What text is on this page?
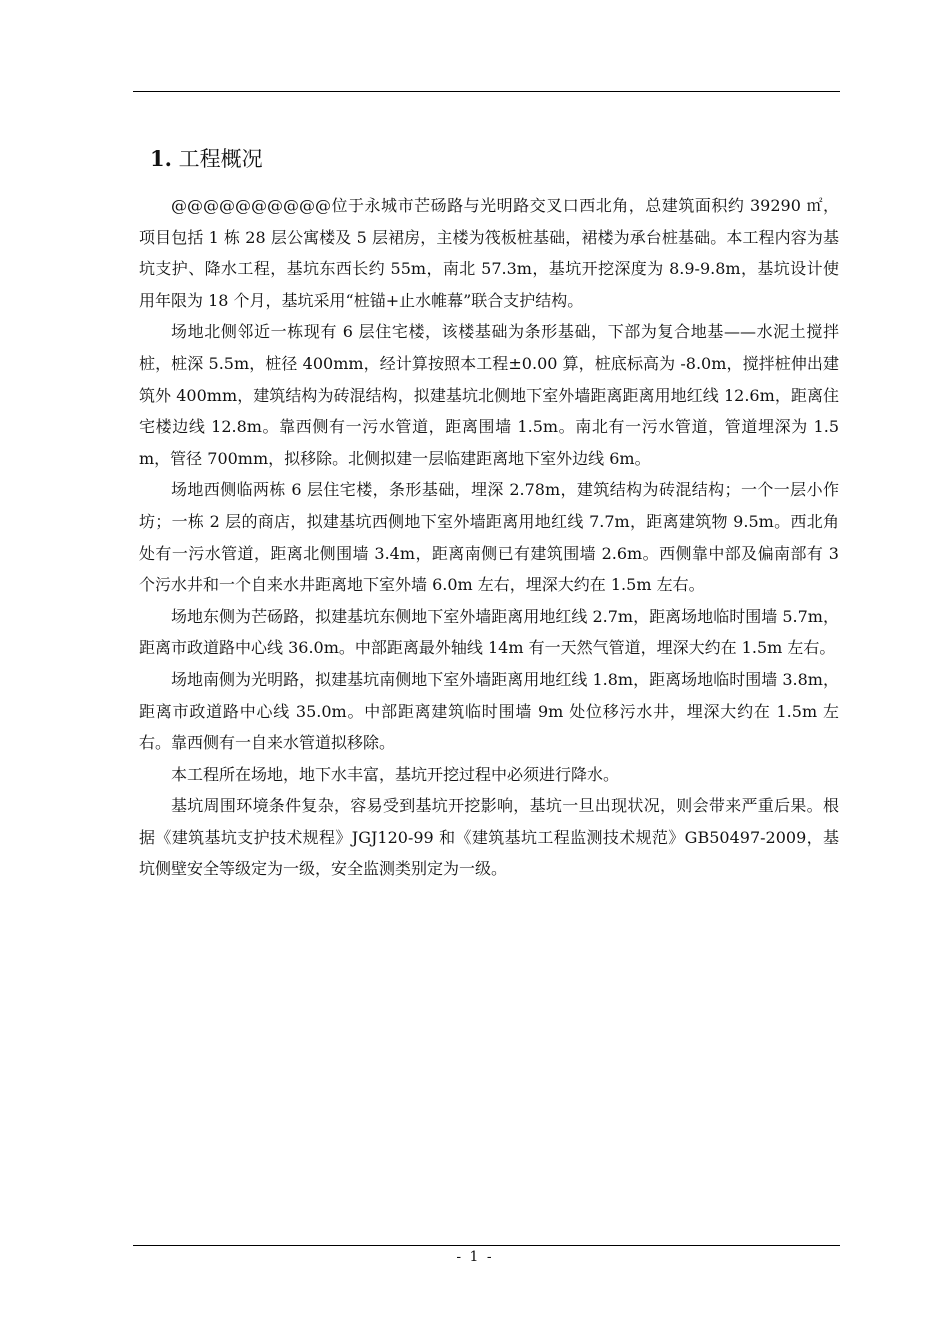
1. 工程概况

@@@@@@@@@@位于永城市芒砀路与光明路交叉口西北角，总建筑面积约 39290 ㎡，项目包括 1 栋 28 层公寓楼及 5 层裙房，主楼为筏板桩基础，裙楼为承台桩基础。本工程内容为基坑支护、降水工程，基坑东西长约 55m，南北 57.3m，基坑开挖深度为 8.9-9.8m，基坑设计使用年限为 18 个月，基坑采用“桩锚+止水帷幕”联合支护结构。

场地北侧邻近一栋现有 6 层住宅楼，该楼基础为条形基础，下部为复合地基——水泥土搅拌桩，桩深 5.5m，桩径 400mm，经计算按照本工程±0.00 算，桩底标高为 -8.0m，搅拌桩伸出建筑外 400mm，建筑结构为砖混结构，拟建基坑北侧地下室外墙距离距离用地红线 12.6m，距离住宅楼边线 12.8m。靠西侧有一污水管道，距离围墙 1.5m。南北有一污水管道，管道埋深为 1.5m，管径 700mm，拟移除。北侧拟建一层临建距离地下室外边线 6m。

场地西侧临两栋 6 层住宅楼，条形基础，埋深 2.78m，建筑结构为砖混结构；一个一层小作坊；一栋 2 层的商店，拟建基坑西侧地下室外墙距离用地红线 7.7m，距离建筑物 9.5m。西北角处有一污水管道，距离北侧围墙 3.4m，距离南侧已有建筑围墙 2.6m。西侧靠中部及偏南部有 3 个污水井和一个自来水井距离地下室外墙 6.0m 左右，埋深大约在 1.5m 左右。

场地东侧为芒砀路，拟建基坑东侧地下室外墙距离用地红线 2.7m，距离场地临时围墙 5.7m，距离市政道路中心线 36.0m。中部距离最外轴线 14m 有一天然气管道，埋深大约在 1.5m 左右。

场地南侧为光明路，拟建基坑南侧地下室外墙距离用地红线 1.8m，距离场地临时围墙 3.8m，距离市政道路中心线 35.0m。中部距离建筑临时围墙 9m 处位移污水井，埋深大约在 1.5m 左右。靠西侧有一自来水管道拟移除。

本工程所在场地，地下水丰富，基坑开挖过程中必须进行降水。

基坑周围环境条件复杂，容易受到基坑开挖影响，基坑一旦出现状况，则会带来严重后果。根据《建筑基坑支护技术规程》JGJ120-99 和《建筑基坑工程监测技术规范》GB50497-2009，基坑侧壁安全等级定为一级，安全监测类别定为一级。

- 1 -
